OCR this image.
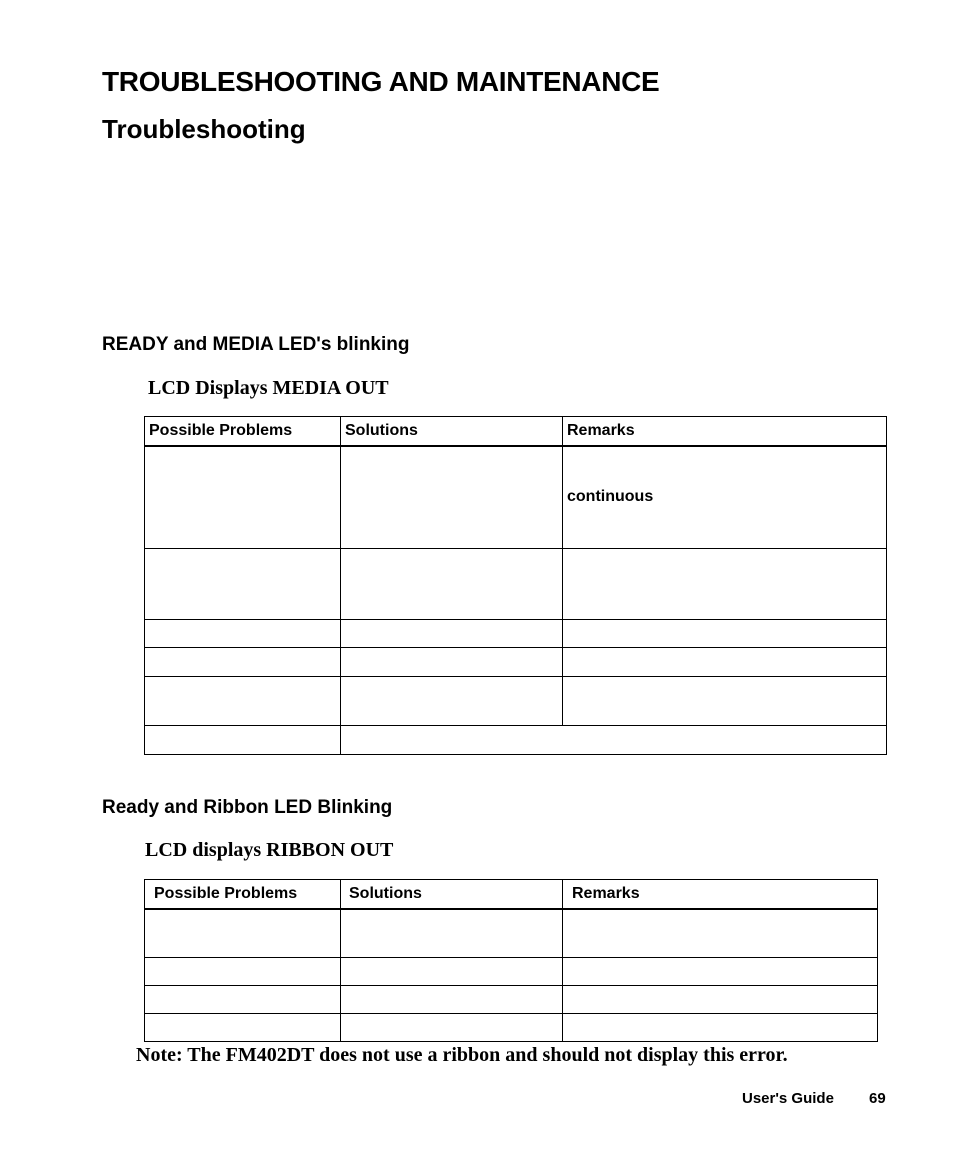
TROUBLESHOOTING AND MAINTENANCE
Troubleshooting
READY and MEDIA LED's blinking
LCD Displays MEDIA OUT
Possible Problems	Solutions	Remarks
		continuous

Ready and Ribbon LED Blinking
LCD displays RIBBON OUT
Possible Problems	Solutions	Remarks

Note: The FM402DT does not use a ribbon and should not display this error.
User's Guide 69
